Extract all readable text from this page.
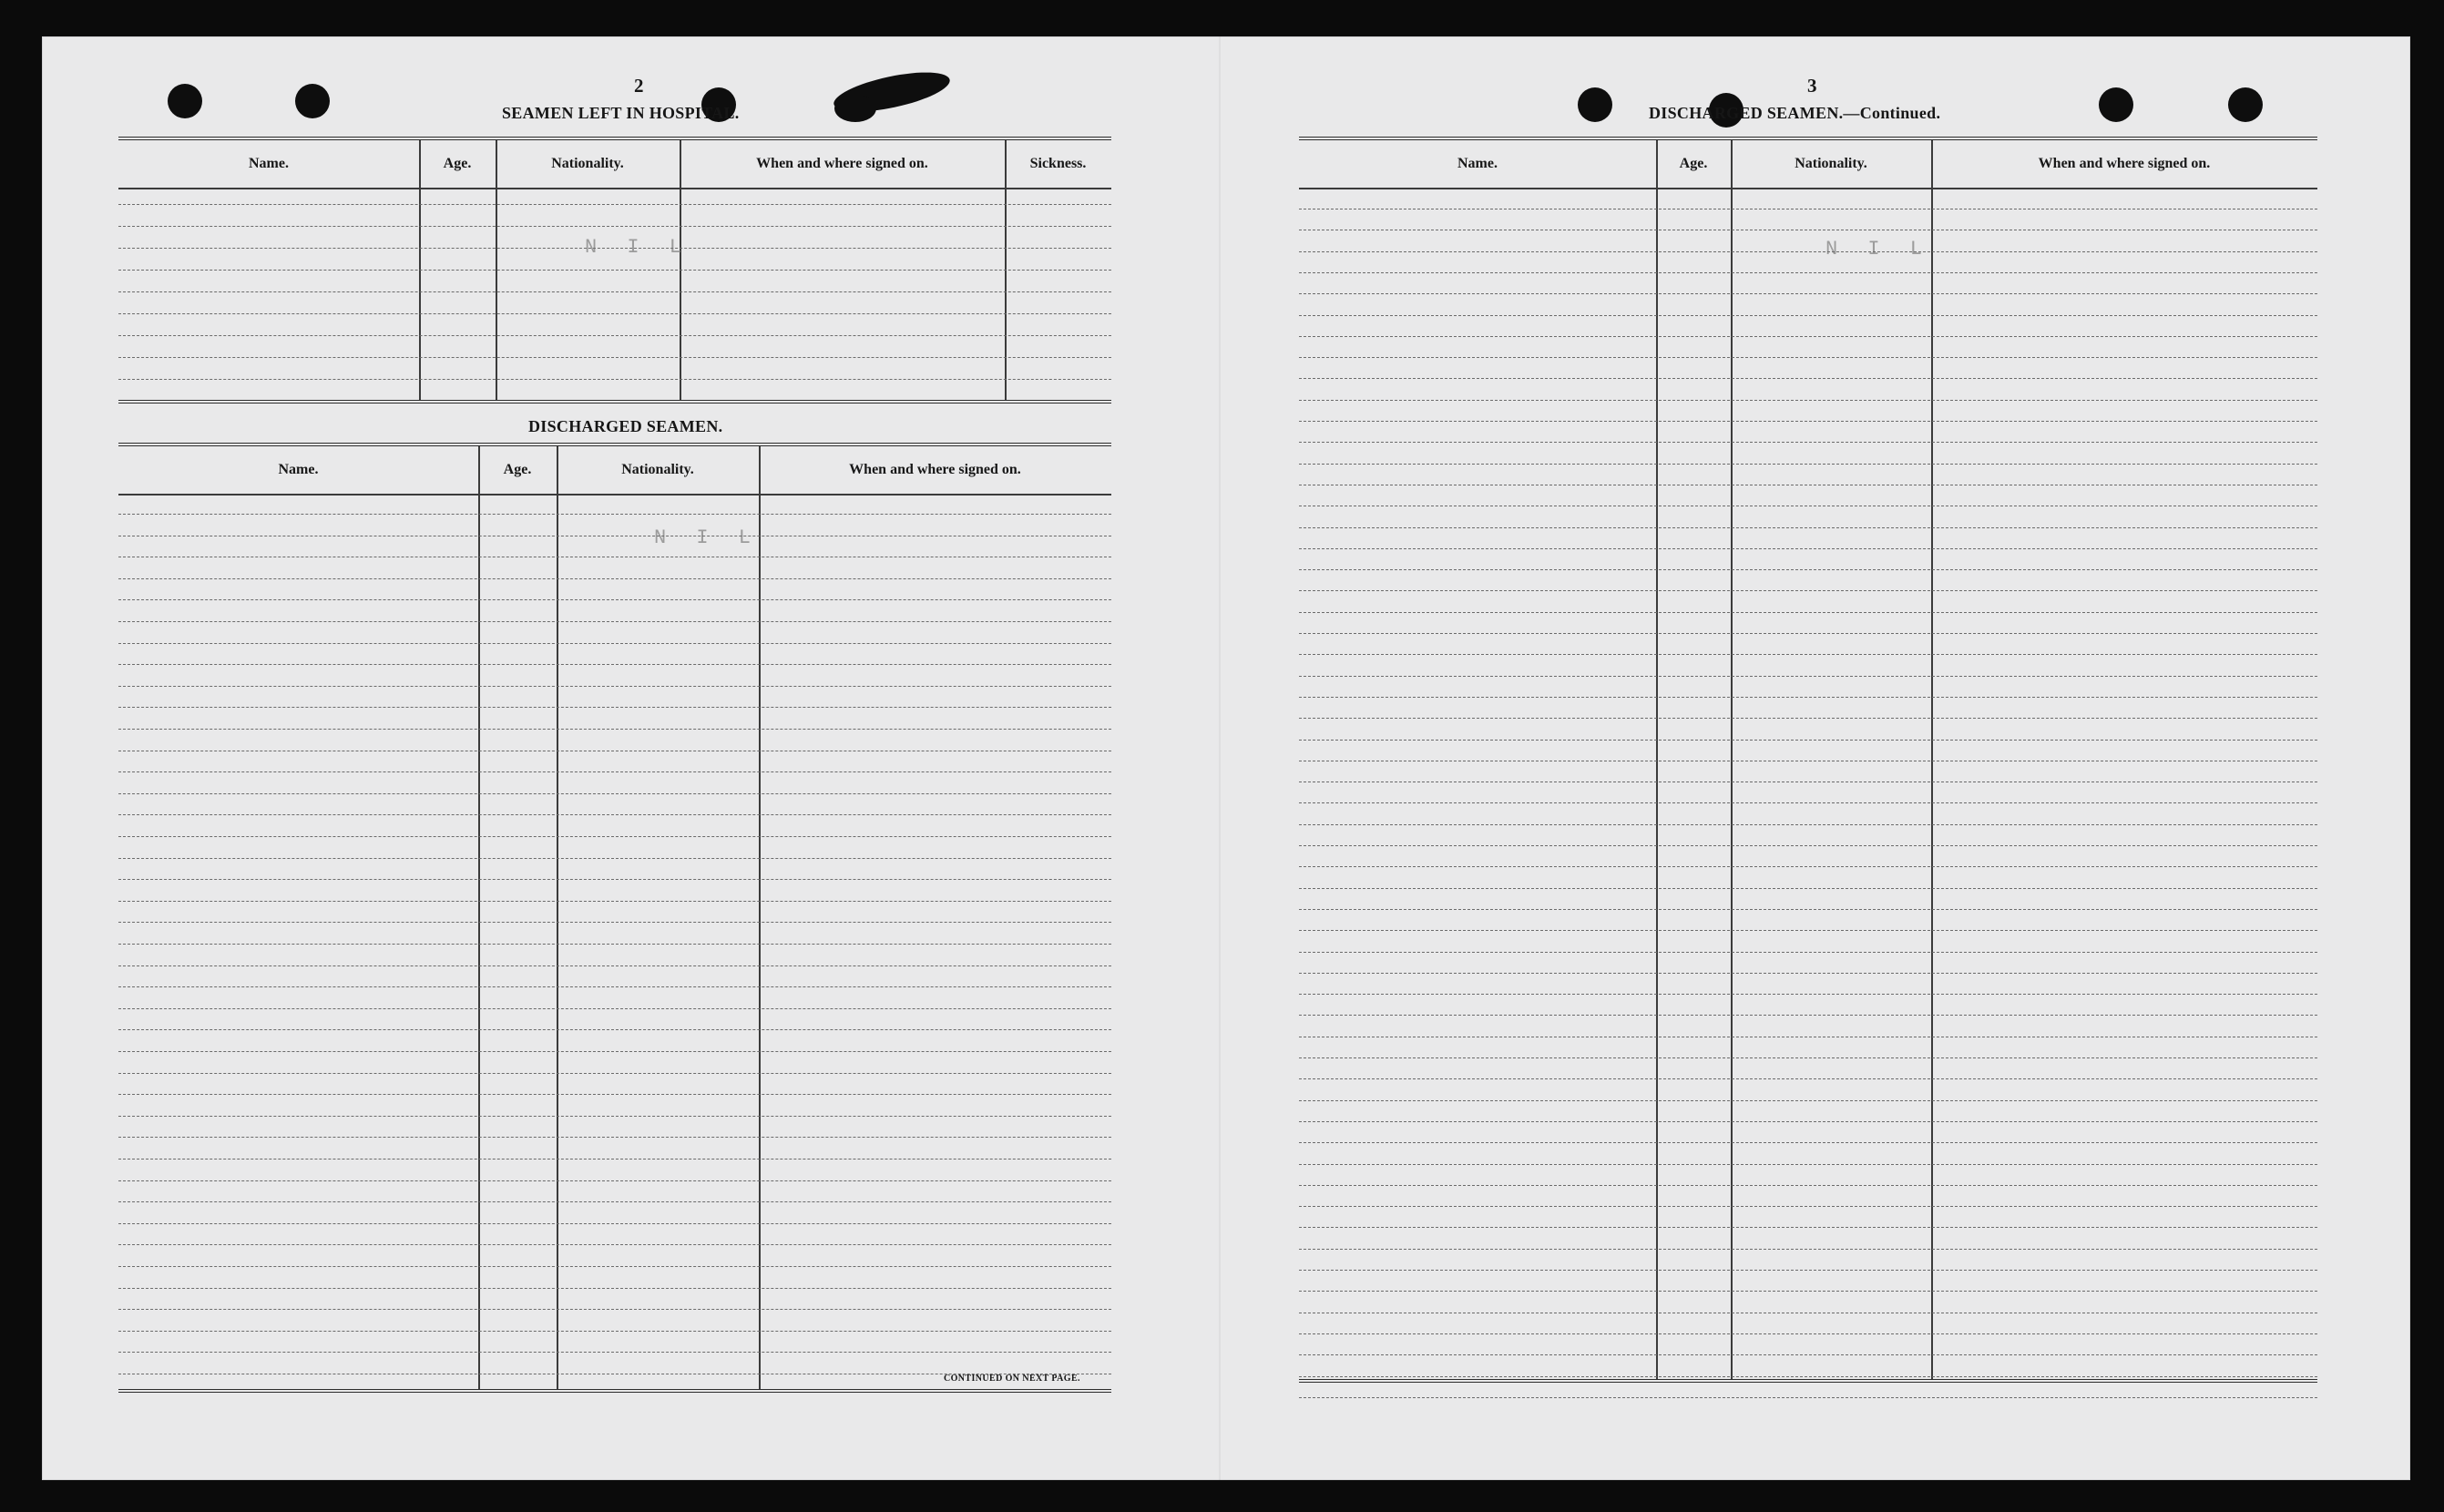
2
SEAMEN LEFT IN HOSPITAL.
Name.	Age.	Nationality.	When and where signed on.	Sickness.
N I L
DISCHARGED SEAMEN.
Name.	Age.	Nationality.	When and where signed on.
N I L
CONTINUED ON NEXT PAGE.
3
DISCHARGED SEAMEN.—Continued.
Name.	Age.	Nationality.	When and where signed on.
N I L
